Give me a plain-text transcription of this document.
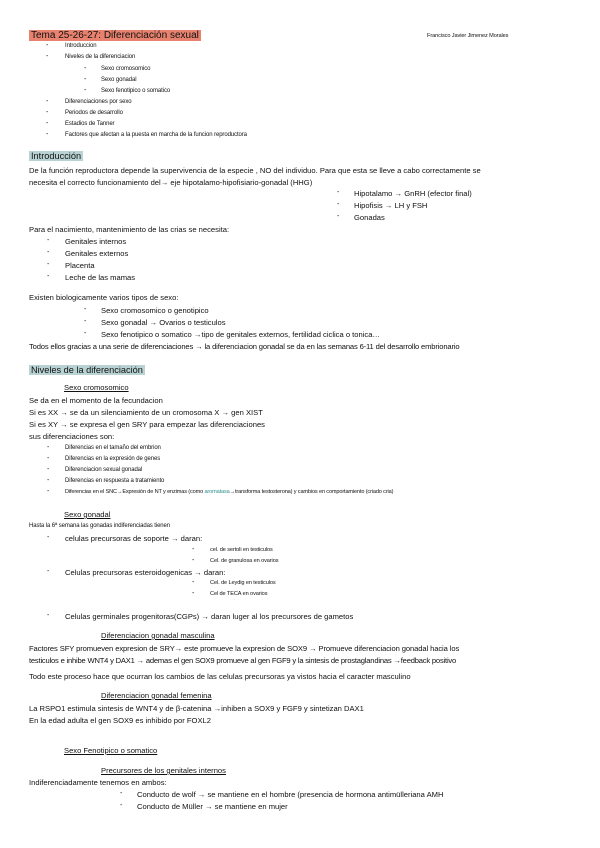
Tema 25-26-27: Diferenciación sexual	Francisco Javier Jimenez Morales
-	Introduccion
-	Niveles de la diferenciacion
- Sexo cromosomico
- Sexo gonadal
- Sexo fenotipico o somatico
-	Diferenciaciones por sexo
-	Periodos de desarrollo
-	Estadios de Tanner
-	Factores que afectan a la puesta en marcha de la funcion reproductora
Introducción
De la función reproductora depende la supervivencia de la especie , NO del individuo. Para que esta se lleve a cabo correctamente se
necesita el correcto funcionamiento del→ eje hipotalamo-hipofisiario-gonadal (HHG)
- Hipotalamo → GnRH (efector final)
- Hipofisis → LH y FSH
- Gonadas
Para el nacimiento, mantenimiento de las crias se necesita:
- Genitales internos
- Genitales externos
- Placenta
- Leche de las mamas
Existen biologicamente varios tipos de sexo:
- Sexo cromosomico o genotipico
- Sexo gonadal → Ovarios o testiculos
- Sexo fenotipico o somatico →tipo de genitales externos, fertilidad ciclica o tonica…
Todos ellos gracias a una serie de diferenciaciones → la diferenciacion gonadal se da en las semanas 6-11 del desarrollo embrionario
Niveles de la diferenciación
Sexo cromosomico
Se da en el momento de la fecundacion
Si es XX → se da un silenciamiento de un cromosoma X → gen XIST
Si es XY → se expresa el gen SRY para empezar las diferenciaciones
sus diferenciaciones son:
-	Diferencias en el tamaño del embrion
-	Diferencias en la expresión de genes
-	Diferenciacion sexual gonadal
-	Diferencias en respuesta a tratamiento
-	Diferencias en el SNC→Expresión de NT y enzimas (como aromatasa→transforma testosterona) y cambios en comportamiento (criado cria)
Sexo gonadal
Hasta la 6ª semana las gonadas indiferenciadas tienen
- celulas precursoras de soporte → daran:
-	cel. de sertoli en testiculos
-	Cel. de granulosa en ovarios
- Celulas precursoras esteroidogenicas → daran:
-	Cel. de Leydig en testiculos
-	Cel de TECA en ovarios
- Celulas germinales progenitoras(CGPs) → daran luger al los precursores de gametos
Diferenciacion gonadal masculina
Factores SFY promueven expresion de SRY→ este promueve la expresion de SOX9 → Promueve diferenciacion gonadal hacia los
testiculos e inhibe WNT4 y DAX1 → ademas el gen SOX9 promueve al gen FGF9 y la sintesis de prostaglandinas →feedback positivo
Todo este proceso hace que ocurran los cambios de las celulas precursoras ya vistos hacia el caracter masculino
Diferenciacion gonadal femenina
La RSPO1 estimula sintesis de WNT4 y de β-catenina →inhiben a SOX9 y FGF9 y sintetizan DAX1
En la edad adulta el gen SOX9 es inhibido por FOXL2
Sexo Fenotipico o somatico
Precursores de los genitales internos
Indiferenciadamente tenemos en ambos:
- Conducto de wolf → se mantiene en el hombre (presencia de hormona antimülleriana AMH
- Conducto de Müller → se mantiene en mujer
